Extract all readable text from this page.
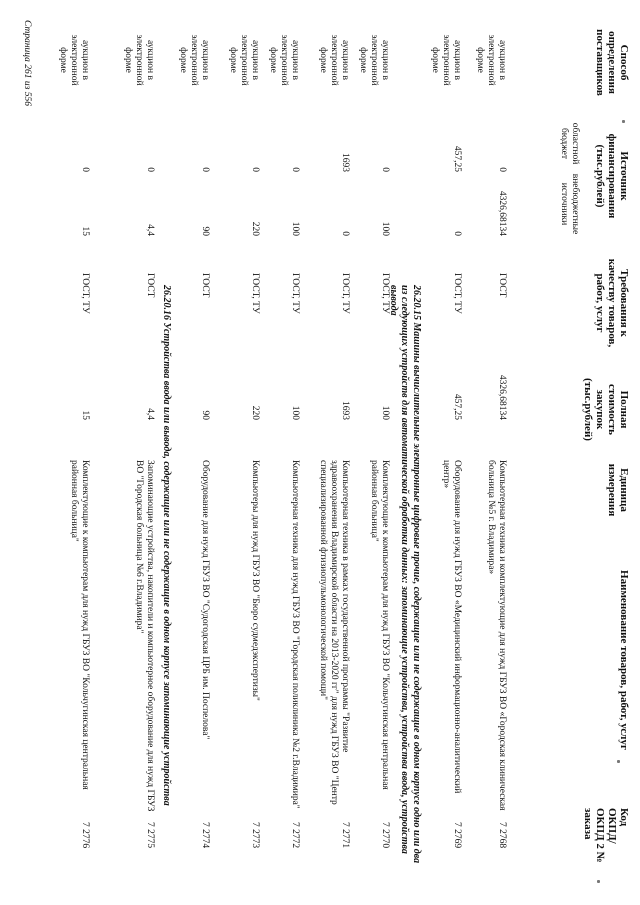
Код ОКПД/ ОКПД 2 № заказа
Наименование товаров, работ, услуг
Единица измерения
Полная стоимость закупок (тыс.рублей)
Требования к качеству товаров, работ, услуг
Источник финансирования (тыс.рублей)
областной бюджет
внебюджетные источники
Способ определения поставщиков
7 2768
Компьютерная техника и комплектующие для нужд ГБУЗ ВО «Городская клиническая больница №5 г. Владимира»
4326,68134
ГОСТ
0
4326,68134
аукцион в электронной форме
7 2769
Оборудование для нужд ГБУЗ ВО «Медицинский информационно-аналитический центр»
457,25
ГОСТ, ТУ
457,25
0
аукцион в электронной форме
26.20.15 Машины вычислительные электронные цифровые прочие, содержащие или не содержащие в одном корпусе одно или два из следующих устройств для автоматической обработки данных: запоминающие устройства, устройства ввода, устройства вывода
7 2770
Комплектующие к компьютерам для нужд ГБУЗ ВО "Кольчугинская центральная районная больница"
100
ГОСТ, ТУ
0
100
аукцион в электронной форме
7 2771
Компьютерная техника в рамках государственной программы "Развитие здравоохранения Владимирской области на 2013-2020 гг" для нужд ГБУЗ ВО "Центр специализированной фтизиопульмонологической помощи"
1693
ГОСТ, ТУ
1693
0
аукцион в электронной форме
7 2772
Компьютерная техника для нужд ГБУЗ ВО "Городская поликлиника №2 г.Владимира"
100
ГОСТ, ТУ
0
100
аукцион в электронной форме
7 2773
Компьютеры для нужд ГБУЗ ВО "Бюро судмедэкспертизы"
220
ГОСТ, ТУ
0
220
аукцион в электронной форме
7 2774
Оборудование для нужд ГБУЗ ВО "Судогодская ЦРБ им. Поспелова"
90
ГОСТ
0
90
аукцион в электронной форме
26.20.16 Устройства ввода или вывода, содержащие или не содержащие в одном корпусе запоминающие устройства
7 2775
Запоминающие устройства, накопители и компьютерное оборудование для нужд ГБУЗ ВО "Городская больница №6 г.Владимира"
4,4
ГОСТ
0
4,4
аукцион в электронной форме
7 2776
Комплектующие к компьютерам для нужд ГБУЗ ВО "Кольчугинская центральная районная больница"
15
ГОСТ, ТУ
0
15
аукцион в электронной форме
Страница 261 из 556
